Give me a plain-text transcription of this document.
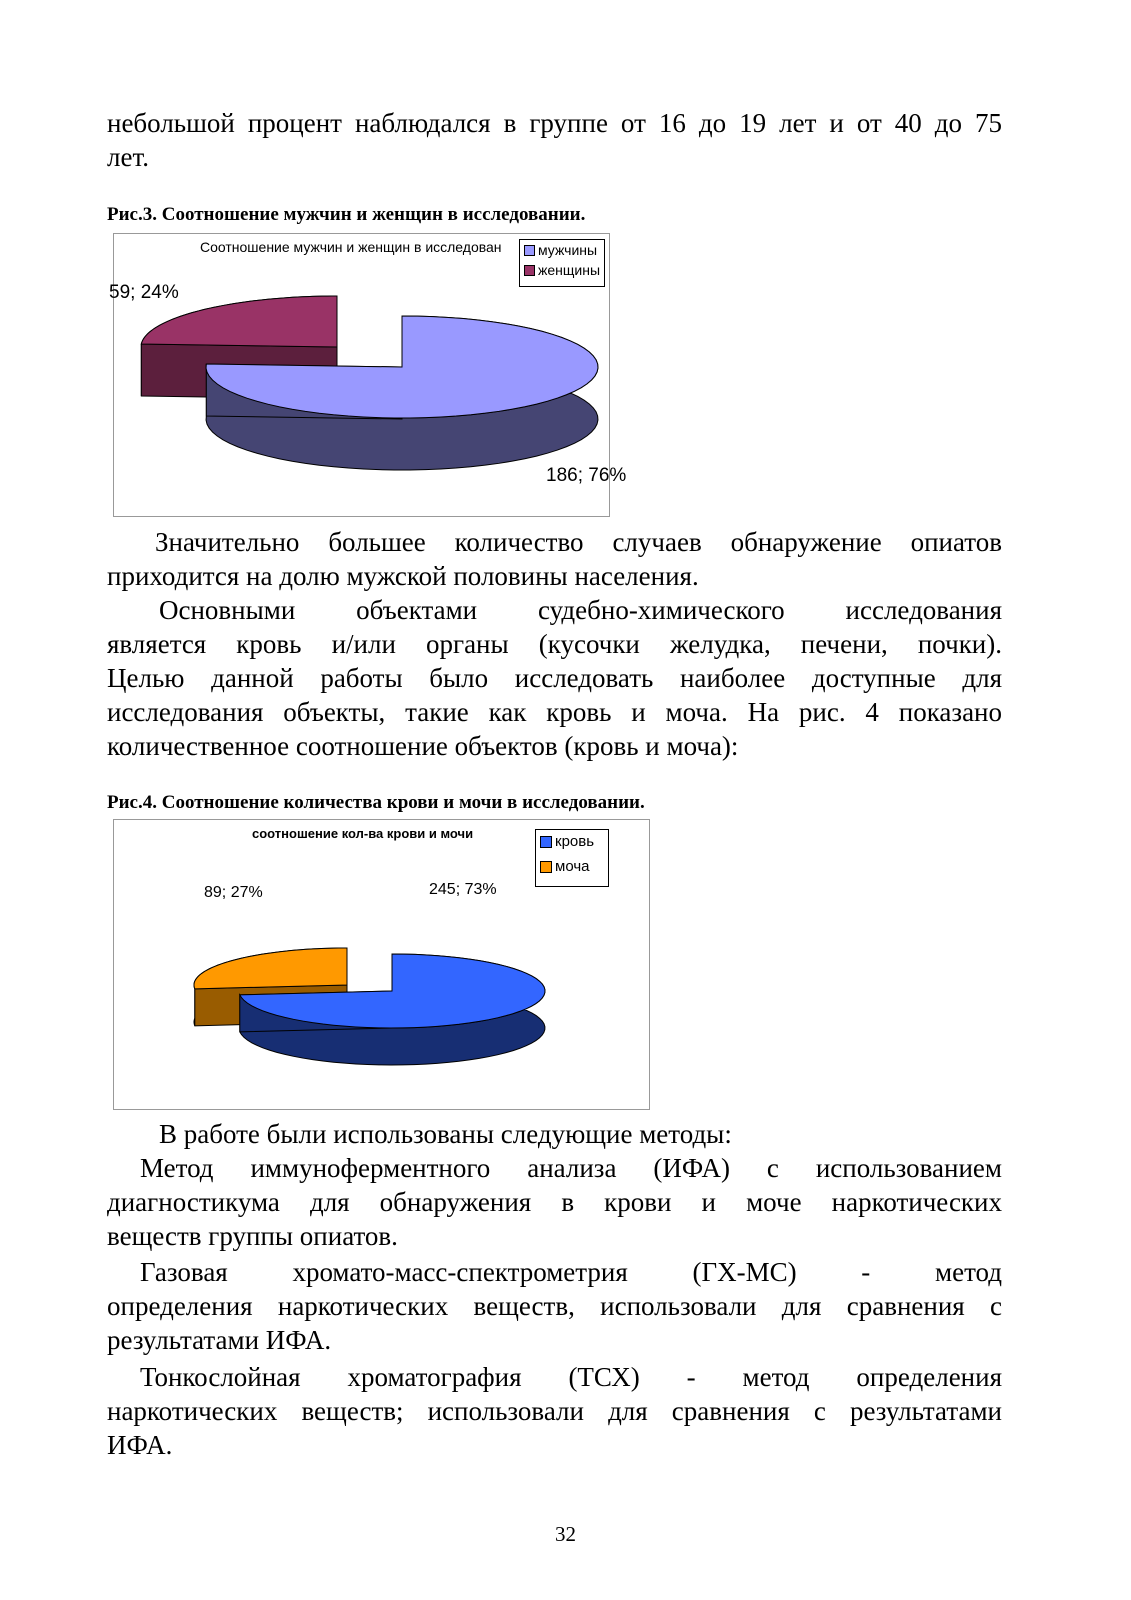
небольшой процент наблюдался в группе от 16 до 19 лет и от 40 до 75
лет.
Рис.3. Соотношение мужчин и женщин в исследовании.
Соотношение мужчин и женщин в исследован	мужчины
женщины
59; 24%
186; 76%
Значительно большее количество случаев обнаружение опиатов
приходится на долю мужской половины населения.
Основными объектами судебно-химического исследования
является кровь и/или органы (кусочки желудка, печени, почки).
Целью данной работы было исследовать наиболее доступные для
исследования объекты, такие как кровь и моча. На рис. 4 показано
количественное соотношение объектов (кровь и моча):
Рис.4. Соотношение количества крови и мочи в исследовании.
соотношение кол-ва крови и мочи	кровь
моча
89; 27%	245; 73%
В работе были использованы следующие методы:
Метод иммуноферментного анализа (ИФА) с использованием
диагностикума для обнаружения в крови и моче наркотических
веществ группы опиатов.
Газовая хромато-масс-спектрометрия (ГХ-МС) - метод
определения наркотических веществ, использовали для сравнения с
результатами ИФА.
Тонкослойная хроматография (ТСХ) - метод определения
наркотических веществ; использовали для сравнения с результатами
ИФА.
32
